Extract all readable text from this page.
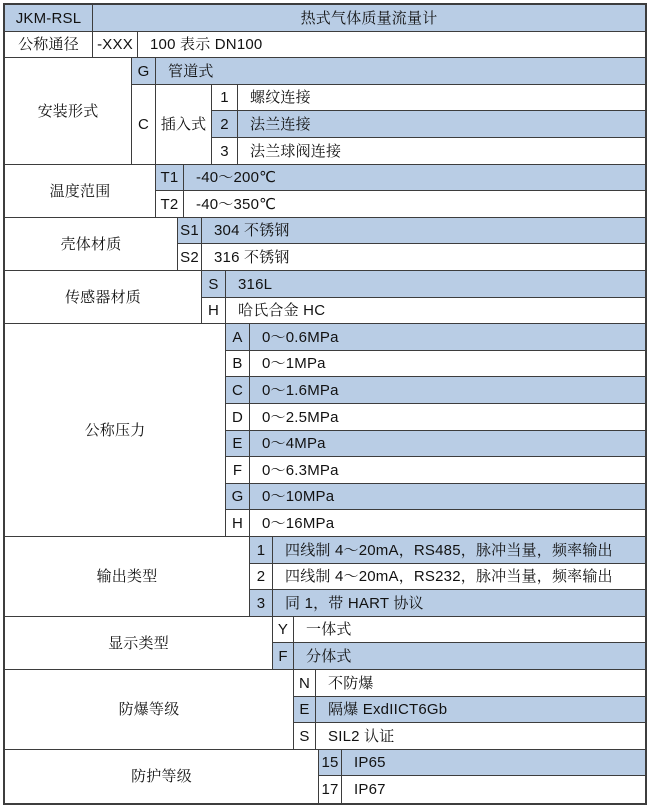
JKM-RSL	热式气体质量流量计
公称通径	-XXX	100 表示 DN100
安装形式
G	管道式
C 插入式
1	螺纹连接
2	法兰连接
3	法兰球阀连接
温度范围
T1	-40～200℃
T2	-40～350℃
壳体材质
S1	304 不锈钢
S2	316 不锈钢
传感器材质
S	316L
H	哈氏合金 HC
公称压力
A	0～0.6MPa
B	0～1MPa
C	0～1.6MPa
D	0～2.5MPa
E	0～4MPa
F	0～6.3MPa
G	0～10MPa
H	0～16MPa
输出类型
1	四线制 4～20mA，RS485，脉冲当量，频率输出
2	四线制 4～20mA，RS232，脉冲当量，频率输出
3	同 1，带 HART 协议
显示类型
Y	一体式
F	分体式
防爆等级
N	不防爆
E	隔爆 ExdIICT6Gb
S	SIL2 认证
防护等级
15	IP65
17	IP67
